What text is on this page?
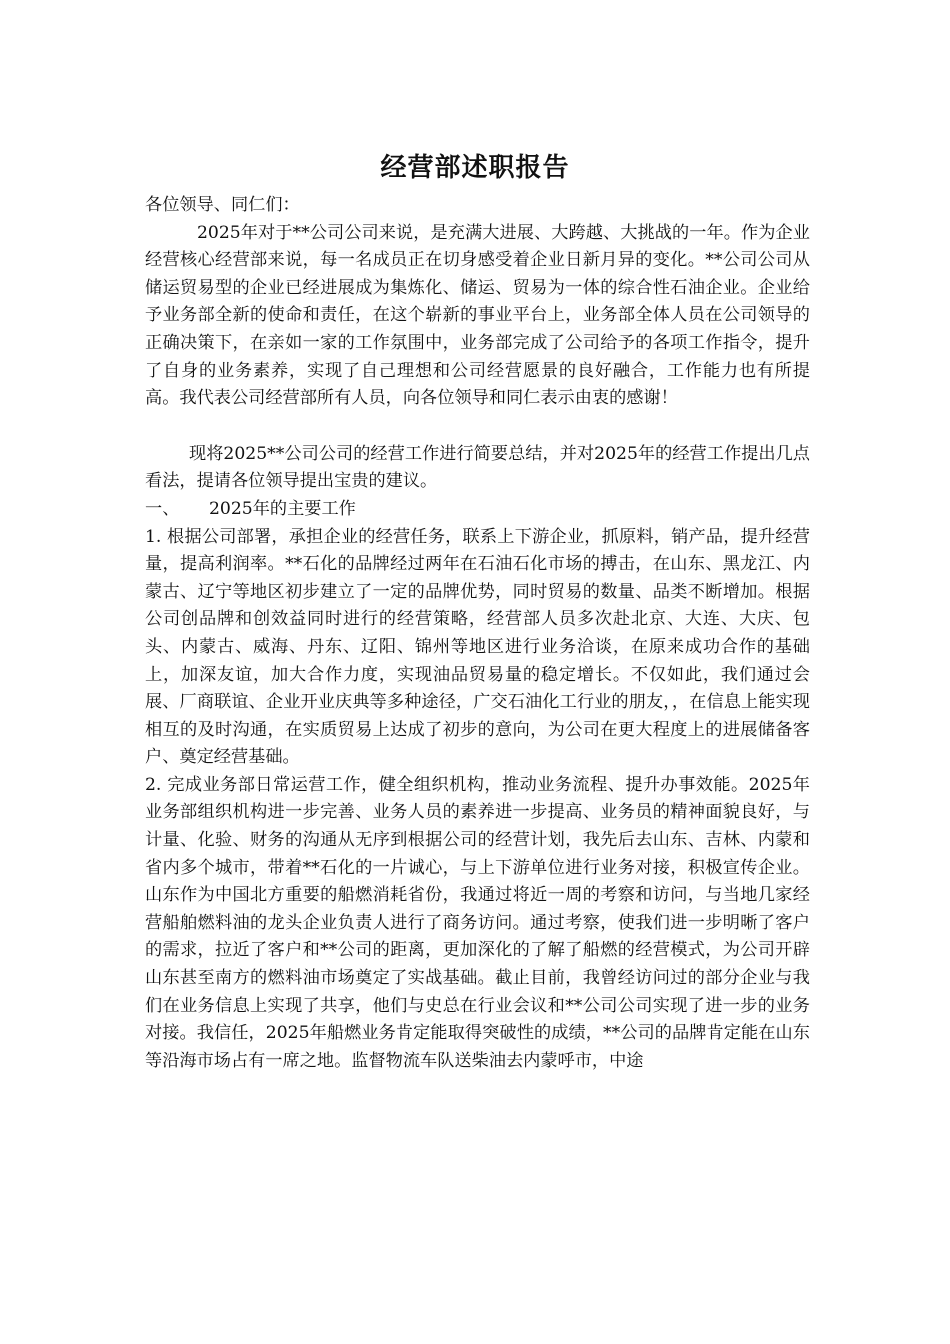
经营部述职报告

各位领导、同仁们：

2025年对于**公司公司来说，是充满大进展、大跨越、大挑战的一年。作为企业经营核心经营部来说，每一名成员正在切身感受着企业日新月异的变化。**公司公司从储运贸易型的企业已经进展成为集炼化、储运、贸易为一体的综合性石油企业。企业给予业务部全新的使命和责任，在这个崭新的事业平台上，业务部全体人员在公司领导的正确决策下，在亲如一家的工作氛围中，业务部完成了公司给予的各项工作指令，提升了自身的业务素养，实现了自己理想和公司经营愿景的良好融合，工作能力也有所提高。我代表公司经营部所有人员，向各位领导和同仁表示由衷的感谢！

现将2025**公司公司的经营工作进行简要总结，并对2025年的经营工作提出几点看法，提请各位领导提出宝贵的建议。

一、 2025年的主要工作

1. 根据公司部署，承担企业的经营任务，联系上下游企业，抓原料，销产品，提升经营量，提高利润率。**石化的品牌经过两年在石油石化市场的搏击，在山东、黑龙江、内蒙古、辽宁等地区初步建立了一定的品牌优势，同时贸易的数量、品类不断增加。根据公司创品牌和创效益同时进行的经营策略，经营部人员多次赴北京、大连、大庆、包头、内蒙古、威海、丹东、辽阳、锦州等地区进行业务洽谈，在原来成功合作的基础上，加深友谊，加大合作力度，实现油品贸易量的稳定增长。不仅如此，我们通过会展、厂商联谊、企业开业庆典等多种途径，广交石油化工行业的朋友，，在信息上能实现相互的及时沟通，在实质贸易上达成了初步的意向，为公司在更大程度上的进展储备客户、奠定经营基础。

2. 完成业务部日常运营工作，健全组织机构，推动业务流程、提升办事效能。2025年业务部组织机构进一步完善、业务人员的素养进一步提高、业务员的精神面貌良好，与计量、化验、财务的沟通从无序到根据公司的经营计划，我先后去山东、吉林、内蒙和省内多个城市，带着**石化的一片诚心，与上下游单位进行业务对接，积极宣传企业。山东作为中国北方重要的船燃消耗省份，我通过将近一周的考察和访问，与当地几家经营船舶燃料油的龙头企业负责人进行了商务访问。通过考察，使我们进一步明晰了客户的需求，拉近了客户和**公司的距离，更加深化的了解了船燃的经营模式，为公司开辟山东甚至南方的燃料油市场奠定了实战基础。截止目前，我曾经访问过的部分企业与我们在业务信息上实现了共享，他们与史总在行业会议和**公司公司实现了进一步的业务对接。我信任，2025年船燃业务肯定能取得突破性的成绩，**公司的品牌肯定能在山东等沿海市场占有一席之地。监督物流车队送柴油去内蒙呼市，中途
